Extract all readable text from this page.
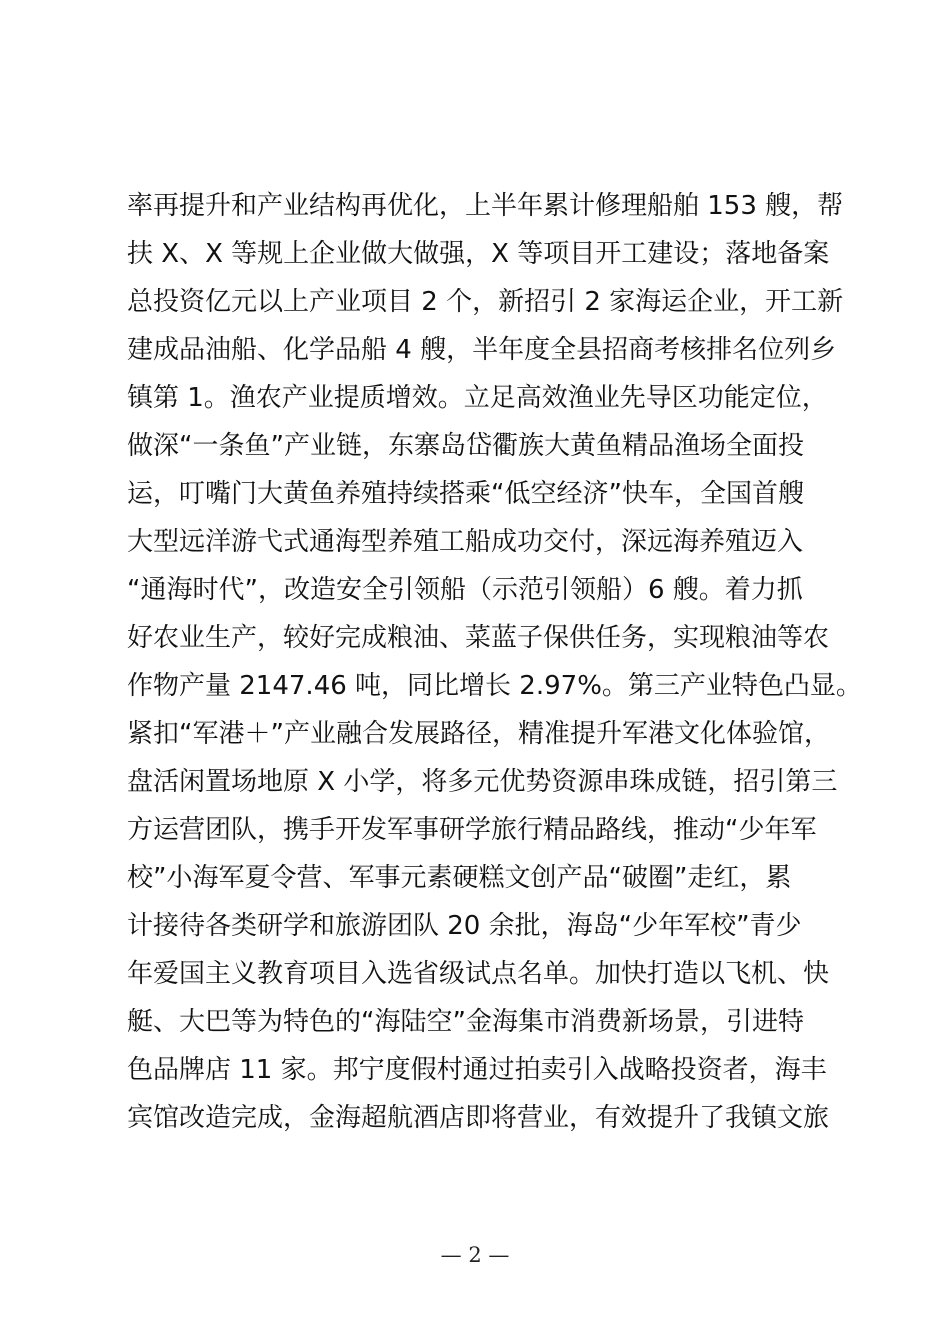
率再提升和产业结构再优化，上半年累计修理船舶 153 艘，帮
扶 X、X 等规上企业做大做强，X 等项目开工建设；落地备案
总投资亿元以上产业项目 2 个，新招引 2 家海运企业，开工新
建成品油船、化学品船 4 艘，半年度全县招商考核排名位列乡
镇第 1。渔农产业提质增效。立足高效渔业先导区功能定位，
做深“一条鱼”产业链，东寨岛岱衢族大黄鱼精品渔场全面投
运，叮嘴门大黄鱼养殖持续搭乘“低空经济”快车，全国首艘
大型远洋游弋式通海型养殖工船成功交付，深远海养殖迈入
“通海时代”，改造安全引领船（示范引领船）6 艘。着力抓
好农业生产，较好完成粮油、菜蓝子保供任务，实现粮油等农
作物产量 2147.46 吨，同比增长 2.97%。第三产业特色凸显。
紧扣“军港＋”产业融合发展路径，精准提升军港文化体验馆，
盘活闲置场地原 X 小学，将多元优势资源串珠成链，招引第三
方运营团队，携手开发军事研学旅行精品路线，推动“少年军
校”小海军夏令营、军事元素硬糕文创产品“破圈”走红，累
计接待各类研学和旅游团队 20 余批，海岛“少年军校”青少
年爱国主义教育项目入选省级试点名单。加快打造以飞机、快
艇、大巴等为特色的“海陆空”金海集市消费新场景，引进特
色品牌店 11 家。邦宁度假村通过拍卖引入战略投资者，海丰
宾馆改造完成，金海超航酒店即将营业，有效提升了我镇文旅
— 2 —
